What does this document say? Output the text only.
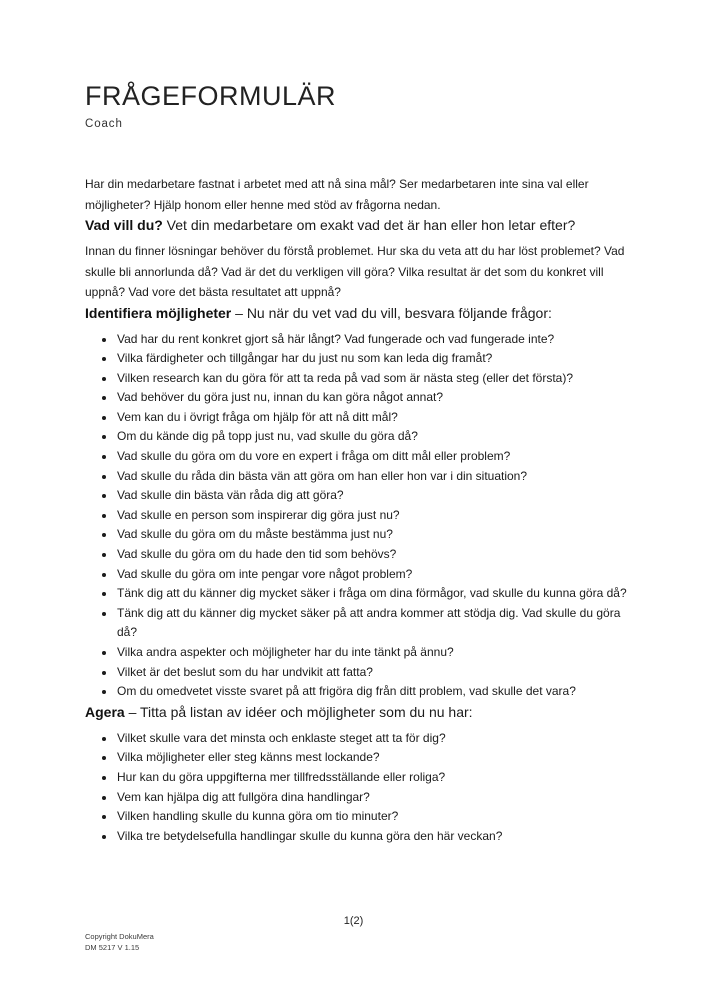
FRÅGEFORMULÄR
Coach

Har din medarbetare fastnat i arbetet med att nå sina mål? Ser medarbetaren inte sina val eller möjligheter? Hjälp honom eller henne med stöd av frågorna nedan.

Vad vill du? Vet din medarbetare om exakt vad det är han eller hon letar efter?

Innan du finner lösningar behöver du förstå problemet. Hur ska du veta att du har löst problemet? Vad skulle bli annorlunda då? Vad är det du verkligen vill göra? Vilka resultat är det som du konkret vill uppnå? Vad vore det bästa resultatet att uppnå?

Identifiera möjligheter – Nu när du vet vad du vill, besvara följande frågor:
• Vad har du rent konkret gjort så här långt? Vad fungerade och vad fungerade inte?
• Vilka färdigheter och tillgångar har du just nu som kan leda dig framåt?
• Vilken research kan du göra för att ta reda på vad som är nästa steg (eller det första)?
• Vad behöver du göra just nu, innan du kan göra något annat?
• Vem kan du i övrigt fråga om hjälp för att nå ditt mål?
• Om du kände dig på topp just nu, vad skulle du göra då?
• Vad skulle du göra om du vore en expert i fråga om ditt mål eller problem?
• Vad skulle du råda din bästa vän att göra om han eller hon var i din situation?
• Vad skulle din bästa vän råda dig att göra?
• Vad skulle en person som inspirerar dig göra just nu?
• Vad skulle du göra om du måste bestämma just nu?
• Vad skulle du göra om du hade den tid som behövs?
• Vad skulle du göra om inte pengar vore något problem?
• Tänk dig att du känner dig mycket säker i fråga om dina förmågor, vad skulle du kunna göra då?
• Tänk dig att du känner dig mycket säker på att andra kommer att stödja dig. Vad skulle du göra då?
• Vilka andra aspekter och möjligheter har du inte tänkt på ännu?
• Vilket är det beslut som du har undvikit att fatta?
• Om du omedvetet visste svaret på att frigöra dig från ditt problem, vad skulle det vara?
Agera – Titta på listan av idéer och möjligheter som du nu har:
• Vilket skulle vara det minsta och enklaste steget att ta för dig?
• Vilka möjligheter eller steg känns mest lockande?
• Hur kan du göra uppgifterna mer tillfredsställande eller roliga?
• Vem kan hjälpa dig att fullgöra dina handlingar?
• Vilken handling skulle du kunna göra om tio minuter?
• Vilka tre betydelsefulla handlingar skulle du kunna göra den här veckan?
1(2)
Copyright DokuMera
DM 5217 V 1.15
